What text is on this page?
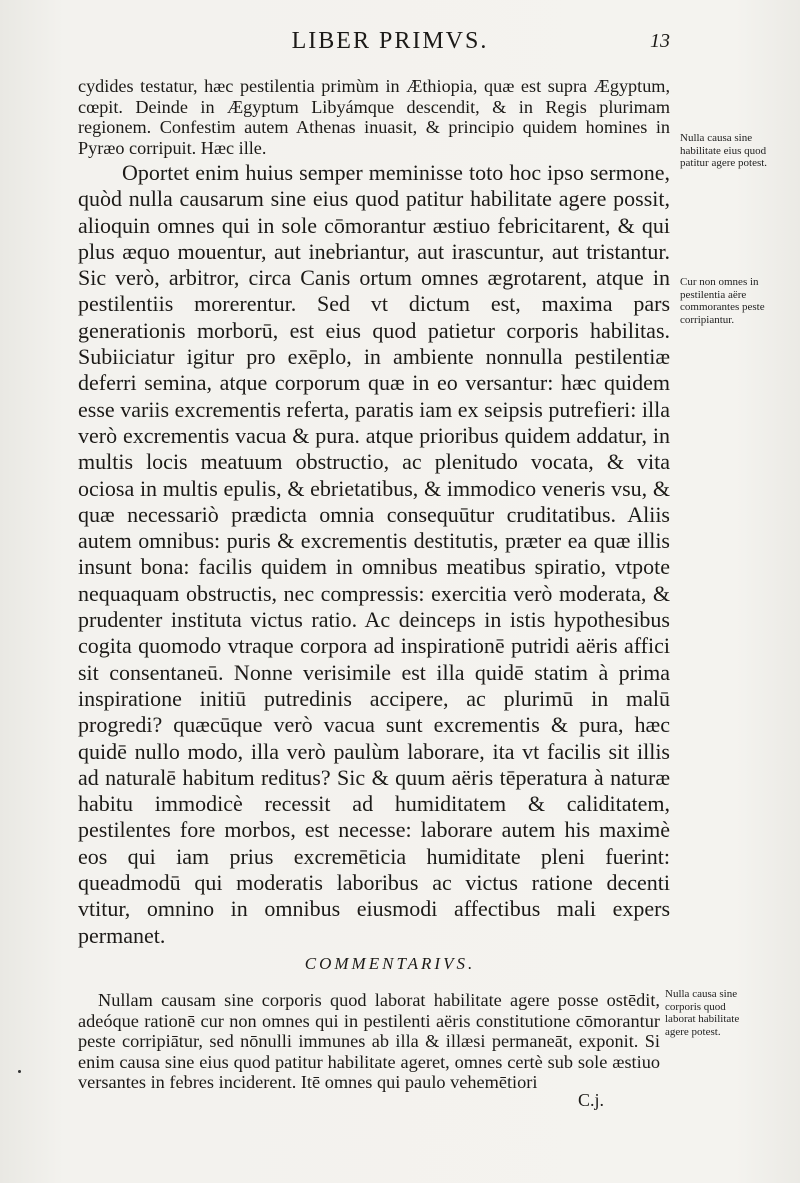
LIBER PRIMVS.	13

cydides testatur, hæc pestilentia primùm in Æthiopia, quæ est supra Ægyptum, cœpit. Deinde in Ægyptum Libyámque descendit, & in Regis plurimam regionem. Confestim autem Athenas inuasit, & principio quidem homines in Pyræo corripuit. Hæc ille.

Oportet enim huius semper meminisse toto hoc ipso sermone, quòd nulla causarum sine eius quod patitur habilitate agere possit, alioquin omnes qui in sole cōmorantur æstiuo febricitarent, & qui plus æquo mouentur, aut inebriantur, aut irascuntur, aut tristantur. Sic verò, arbitror, circa Canis ortum omnes ægrotarent, atque in pestilentiis morerentur. Sed vt dictum est, maxima pars generationis morborū, est eius quod patietur corporis habilitas. Subiiciatur igitur pro exēplo, in ambiente nonnulla pestilentiæ deferri semina, atque corporum quæ in eo versantur: hæc quidem esse variis excrementis referta, paratis iam ex seipsis putrefieri: illa verò excrementis vacua & pura. atque prioribus quidem addatur, in multis locis meatuum obstructio, ac plenitudo vocata, & vita ociosa in multis epulis, & ebrietatibus, & immodico veneris vsu, & quæ necessariò prædicta omnia consequūtur cruditatibus. Aliis autem omnibus: puris & excrementis destitutis, præter ea quæ illis insunt bona: facilis quidem in omnibus meatibus spiratio, vtpote nequaquam obstructis, nec compressis: exercitia verò moderata, & prudenter instituta victus ratio. Ac deinceps in istis hypothesibus cogita quomodo vtraque corpora ad inspirationē putridi aëris affici sit consentaneū. Nonne verisimile est illa quidē statim à prima inspiratione initiū putredinis accipere, ac plurimū in malū progredi? quæcūque verò vacua sunt excrementis & pura, hæc quidē nullo modo, illa verò paulùm laborare, ita vt facilis sit illis ad naturalē habitum reditus? Sic & quum aëris tēperatura à naturæ habitu immodicè recessit ad humiditatem & caliditatem, pestilentes fore morbos, est necesse: laborare autem his maximè eos qui iam prius excremēticia humiditate pleni fuerint: queadmodū qui moderatis laboribus ac victus ratione decenti vtitur, omnino in omnibus eiusmodi affectibus mali expers permanet.

Nulla causa sine habilitate eius quod patitur agere potest.
Cur non omnes in pestilentia aëre commorantes peste corripiantur.
COMMENTARIVS.

Nullam causam sine corporis quod laborat habilitate agere posse ostēdit, adeóque rationē cur non omnes qui in pestilenti aëris constitutione cōmorantur peste corripiātur, sed nōnulli immunes ab illa & illæsi permaneāt, exponit. Si enim causa sine eius quod patitur habilitate ageret, omnes certè sub sole æstiuo versantes in febres inciderent. Itē omnes qui paulo vehemētiori

Nulla causa sine corporis quod laborat habilitate agere potest.
C.j.
